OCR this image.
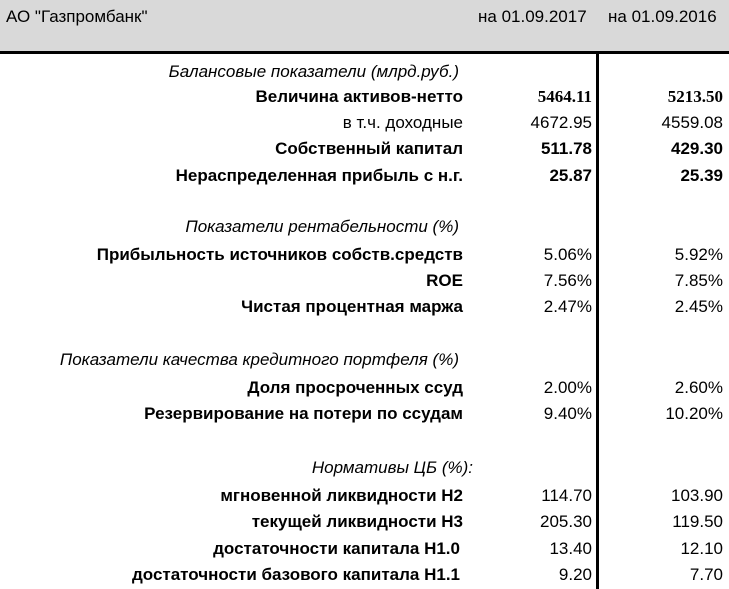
АО "Газпромбанк"	на 01.09.2017 на 01.09.2016
Балансовые показатели (млрд.руб.)
Величина активов-нетто	5464.11	5213.50
в т.ч. доходные	4672.95	4559.08
Собственный капитал	511.78	429.30
Нераспределенная прибыль с н.г.	25.87	25.39
Показатели рентабельности (%)
Прибыльность источников собств.средств	5.06%	5.92%
ROE	7.56%	7.85%
Чистая процентная маржа	2.47%	2.45%
Показатели качества кредитного портфеля (%)
Доля просроченных ссуд	2.00%	2.60%
Резервирование на потери по ссудам	9.40%	10.20%
Нормативы ЦБ (%):
мгновенной ликвидности Н2	114.70	103.90
текущей ликвидности Н3	205.30	119.50
достаточности капитала Н1.0	13.40	12.10
достаточности базового капитала Н1.1	9.20	7.70
